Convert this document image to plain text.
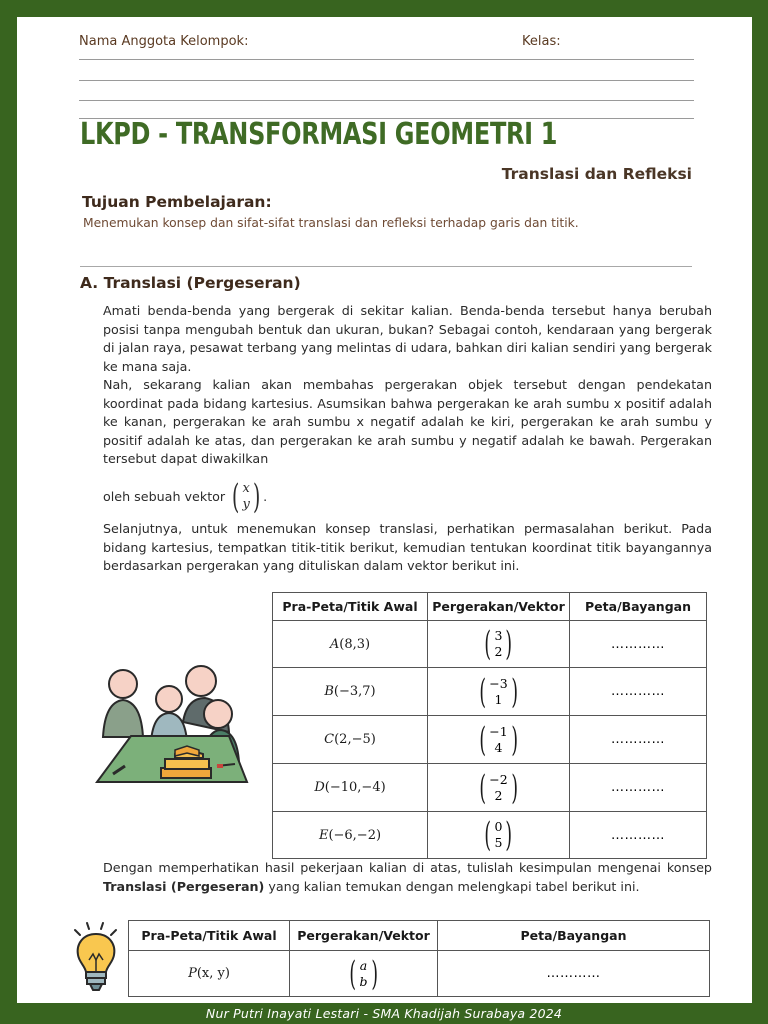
Nama Anggota Kelompok:	Kelas:
LKPD - TRANSFORMASI GEOMETRI 1
Translasi dan Refleksi
Tujuan Pembelajaran:
Menemukan konsep dan sifat-sifat translasi dan refleksi terhadap garis dan titik.
A. Translasi (Pergeseran)
Amati benda-benda yang bergerak di sekitar kalian. Benda-benda tersebut hanya berubah posisi tanpa mengubah bentuk dan ukuran, bukan? Sebagai contoh, kendaraan yang bergerak di jalan raya, pesawat terbang yang melintas di udara, bahkan diri kalian sendiri yang bergerak ke mana saja.
Nah, sekarang kalian akan membahas pergerakan objek tersebut dengan pendekatan koordinat pada bidang kartesius. Asumsikan bahwa pergerakan ke arah sumbu x positif adalah ke kanan, pergerakan ke arah sumbu x negatif adalah ke kiri, pergerakan ke arah sumbu y positif adalah ke atas, dan pergerakan ke arah sumbu y negatif adalah ke bawah. Pergerakan tersebut dapat diwakilkan
oleh sebuah vektor
( x
y ) .
Selanjutnya, untuk menemukan konsep translasi, perhatikan permasalahan berikut. Pada bidang kartesius, tempatkan titik-titik berikut, kemudian tentukan koordinat titik bayangannya berdasarkan pergerakan yang dituliskan dalam vektor berikut ini.
Pra-Peta/Titik Awal	Pergerakan/Vektor	Peta/Bayangan
A(8,3)	( 3
2 )	…………
B(−3,7)	( −3
1 )	…………
C(2,−5)	( −1
4 )	…………
D(−10,−4)	( −2
2 )	…………
E(−6,−2)	( 0
5 )	…………
Dengan memperhatikan hasil pekerjaan kalian di atas, tulislah kesimpulan mengenai konsep Translasi (Pergeseran) yang kalian temukan dengan melengkapi tabel berikut ini.
Pra-Peta/Titik Awal	Pergerakan/Vektor	Peta/Bayangan
P(x, y)	( a
b )	…………
Nur Putri Inayati Lestari - SMA Khadijah Surabaya 2024
